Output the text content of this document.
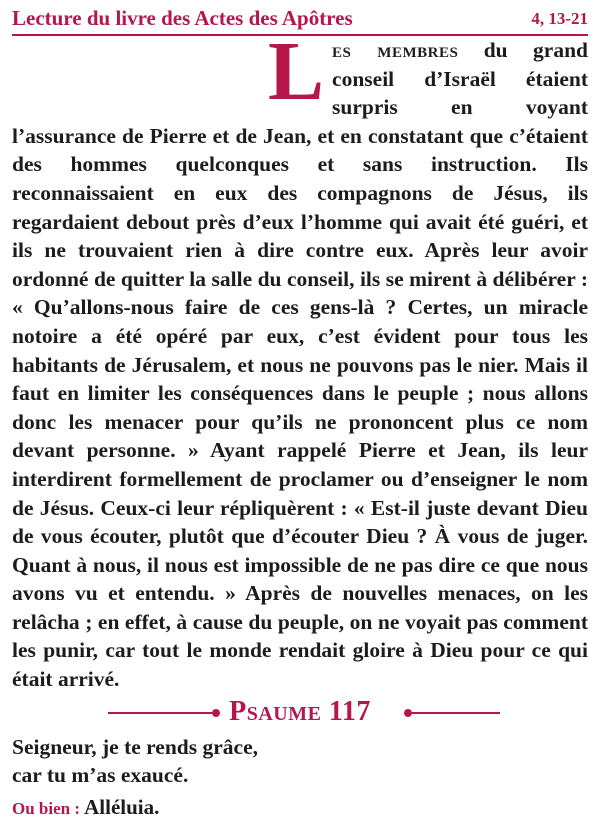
Lecture du livre des Actes des Apôtres	4, 13-21
Les membres du grand conseil d’Israël étaient surpris en voyant l’assurance de Pierre et de Jean, et en constatant que c’étaient des hommes quelconques et sans instruction. Ils reconnaissaient en eux des compagnons de Jésus, ils regardaient debout près d’eux l’homme qui avait été guéri, et ils ne trouvaient rien à dire contre eux. Après leur avoir ordonné de quitter la salle du conseil, ils se mirent à délibérer : « Qu’allons-nous faire de ces gens-là ? Certes, un miracle notoire a été opéré par eux, c’est évident pour tous les habitants de Jérusalem, et nous ne pouvons pas le nier. Mais il faut en limiter les conséquences dans le peuple ; nous allons donc les menacer pour qu’ils ne prononcent plus ce nom devant personne. » Ayant rappelé Pierre et Jean, ils leur interdirent formellement de proclamer ou d’enseigner le nom de Jésus. Ceux-ci leur répliquèrent : « Est-il juste devant Dieu de vous écouter, plutôt que d’écouter Dieu ? À vous de juger. Quant à nous, il nous est impossible de ne pas dire ce que nous avons vu et entendu. » Après de nouvelles menaces, on les relâcha ; en effet, à cause du peuple, on ne voyait pas comment les punir, car tout le monde rendait gloire à Dieu pour ce qui était arrivé.
Psaume 117
Seigneur, je te rends grâce,
car tu m’as exaucé.
Ou bien : Alléluia.
